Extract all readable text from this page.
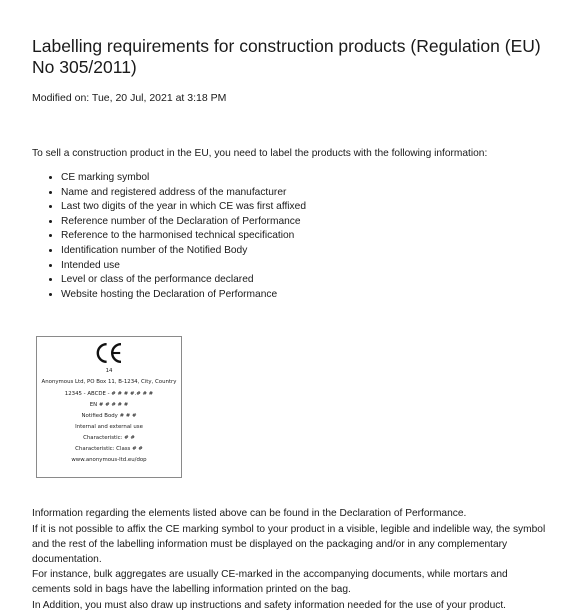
Labelling requirements for construction products (Regulation (EU) No 305/2011)
Modified on: Tue, 20 Jul, 2021 at 3:18 PM
To sell a construction product in the EU, you need to label the products with the following information:
• CE marking symbol
• Name and registered address of the manufacturer
• Last two digits of the year in which CE was first affixed
• Reference number of the Declaration of Performance
• Reference to the harmonised technical specification
• Identification number of the Notified Body
• Intended use
• Level or class of the performance declared
• Website hosting the Declaration of Performance
14
Anonymous Ltd, PO Box 11, B-1234, City, Country
12345 - ABCDE - # # # #.# # #
EN # # # # #
Notified Body # # #
Internal and external use
Characteristic: # #
Characteristic: Class # #
www.anonymous-ltd.eu/dop

Information regarding the elements listed above can be found in the Declaration of Performance.

If it is not possible to affix the CE marking symbol to your product in a visible, legible and indelible way, the symbol and the rest of the labelling information must be displayed on the packaging and/or in any complementary documentation.

For instance, bulk aggregates are usually CE-marked in the accompanying documents, while mortars and cements sold in bags have the labelling information printed on the bag.

In Addition, you must also draw up instructions and safety information needed for the use of your product.
